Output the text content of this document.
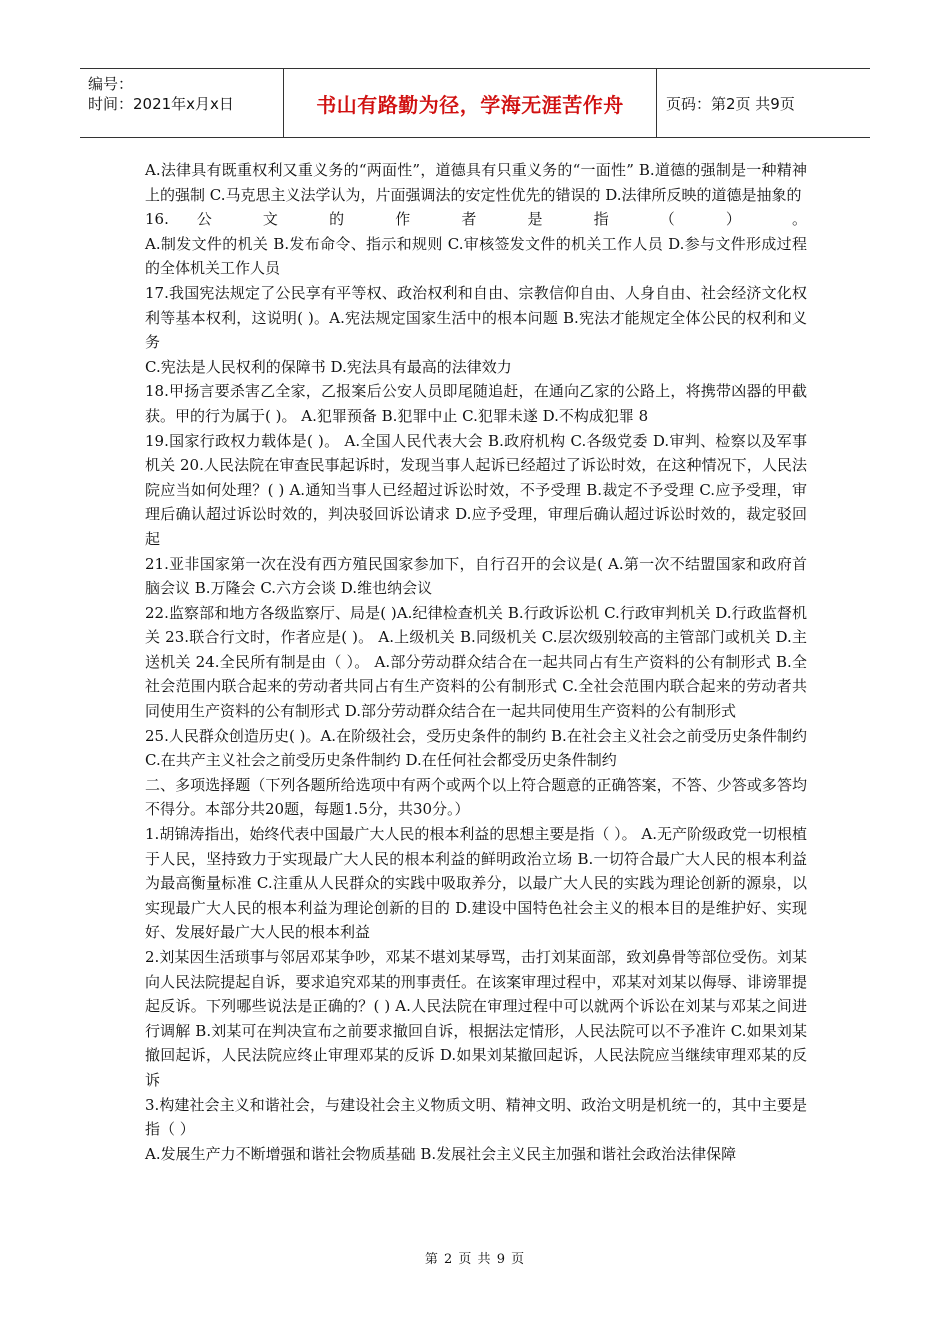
编号：
时间：2021年x月x日	书山有路勤为径，学海无涯苦作舟	页码：第2页 共9页

A.法律具有既重权利又重义务的“两面性”，道德具有只重义务的“一面性” B.道德的强制是一种精神上的强制 C.马克思主义法学认为，片面强调法的安定性优先的错误的 D.法律所反映的道德是抽象的

16. 公 文 的 作 者 是 指 （ ） 。

A.制发文件的机关 B.发布命令、指示和规则 C.审核签发文件的机关工作人员 D.参与文件形成过程的全体机关工作人员

17.我国宪法规定了公民享有平等权、政治权利和自由、宗教信仰自由、人身自由、社会经济文化权利等基本权利，这说明( )。A.宪法规定国家生活中的根本问题 B.宪法才能规定全体公民的权利和义务

C.宪法是人民权利的保障书 D.宪法具有最高的法律效力

18.甲扬言要杀害乙全家，乙报案后公安人员即尾随追赶，在通向乙家的公路上，将携带凶器的甲截获。甲的行为属于( )。 A.犯罪预备 B.犯罪中止 C.犯罪未遂 D.不构成犯罪 8

19.国家行政权力载体是( )。 A.全国人民代表大会 B.政府机构 C.各级党委 D.审判、检察以及军事机关 20.人民法院在审查民事起诉时，发现当事人起诉已经超过了诉讼时效，在这种情况下，人民法院应当如何处理？( ) A.通知当事人已经超过诉讼时效，不予受理 B.裁定不予受理 C.应予受理，审理后确认超过诉讼时效的，判决驳回诉讼请求 D.应予受理，审理后确认超过诉讼时效的，裁定驳回起

21.亚非国家第一次在没有西方殖民国家参加下，自行召开的会议是( A.第一次不结盟国家和政府首脑会议 B.万隆会 C.六方会谈 D.维也纳会议

22.监察部和地方各级监察厅、局是( )A.纪律检查机关 B.行政诉讼机 C.行政审判机关 D.行政监督机关 23.联合行文时，作者应是( )。 A.上级机关 B.同级机关 C.层次级别较高的主管部门或机关 D.主送机关 24.全民所有制是由（ ）。 A.部分劳动群众结合在一起共同占有生产资料的公有制形式 B.全社会范围内联合起来的劳动者共同占有生产资料的公有制形式 C.全社会范围内联合起来的劳动者共同使用生产资料的公有制形式 D.部分劳动群众结合在一起共同使用生产资料的公有制形式

25.人民群众创造历史( )。A.在阶级社会，受历史条件的制约 B.在社会主义社会之前受历史条件制约 C.在共产主义社会之前受历史条件制约 D.在任何社会都受历史条件制约

二、多项选择题（下列各题所给选项中有两个或两个以上符合题意的正确答案，不答、少答或多答均不得分。本部分共20题，每题1.5分，共30分。）

1.胡锦涛指出，始终代表中国最广大人民的根本利益的思想主要是指（ ）。 A.无产阶级政党一切根植于人民，坚持致力于实现最广大人民的根本利益的鲜明政治立场 B.一切符合最广大人民的根本利益为最高衡量标准 C.注重从人民群众的实践中吸取养分，以最广大人民的实践为理论创新的源泉，以实现最广大人民的根本利益为理论创新的目的 D.建设中国特色社会主义的根本目的是维护好、实现好、发展好最广大人民的根本利益

2.刘某因生活琐事与邻居邓某争吵，邓某不堪刘某辱骂，击打刘某面部，致刘鼻骨等部位受伤。刘某向人民法院提起自诉，要求追究邓某的刑事责任。在该案审理过程中，邓某对刘某以侮辱、诽谤罪提起反诉。下列哪些说法是正确的？( ) A.人民法院在审理过程中可以就两个诉讼在刘某与邓某之间进行调解 B.刘某可在判决宣布之前要求撤回自诉，根据法定情形，人民法院可以不予准许 C.如果刘某撤回起诉，人民法院应终止审理邓某的反诉 D.如果刘某撤回起诉，人民法院应当继续审理邓某的反诉

3.构建社会主义和谐社会，与建设社会主义物质文明、精神文明、政治文明是机统一的，其中主要是指（ ）

A.发展生产力不断增强和谐社会物质基础 B.发展社会主义民主加强和谐社会政治法律保障

第 2 页 共 9 页
